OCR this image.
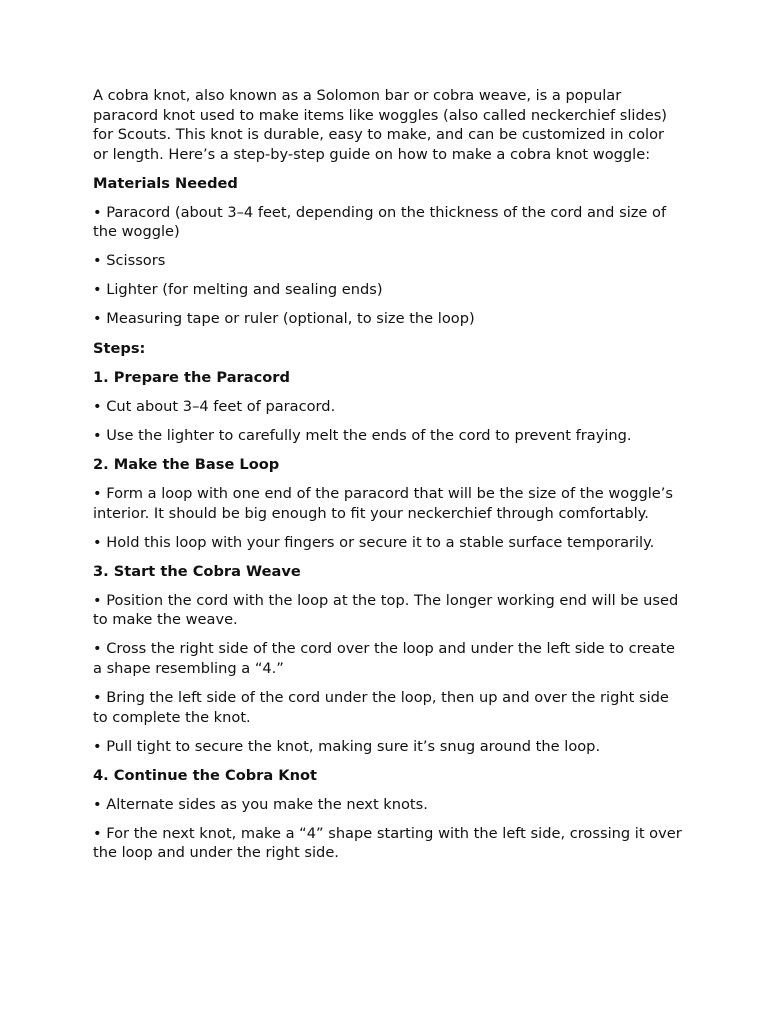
A cobra knot, also known as a Solomon bar or cobra weave, is a popular paracord knot used to make items like woggles (also called neckerchief slides) for Scouts. This knot is durable, easy to make, and can be customized in color or length. Here’s a step-by-step guide on how to make a cobra knot woggle:

Materials Needed

• Paracord (about 3–4 feet, depending on the thickness of the cord and size of the woggle)

• Scissors

• Lighter (for melting and sealing ends)

• Measuring tape or ruler (optional, to size the loop)

Steps:

1. Prepare the Paracord

• Cut about 3–4 feet of paracord.

• Use the lighter to carefully melt the ends of the cord to prevent fraying.

2. Make the Base Loop

• Form a loop with one end of the paracord that will be the size of the woggle’s interior. It should be big enough to fit your neckerchief through comfortably.

• Hold this loop with your fingers or secure it to a stable surface temporarily.

3. Start the Cobra Weave

• Position the cord with the loop at the top. The longer working end will be used to make the weave.

• Cross the right side of the cord over the loop and under the left side to create a shape resembling a “4.”

• Bring the left side of the cord under the loop, then up and over the right side to complete the knot.

• Pull tight to secure the knot, making sure it’s snug around the loop.

4. Continue the Cobra Knot

• Alternate sides as you make the next knots.

• For the next knot, make a “4” shape starting with the left side, crossing it over the loop and under the right side.
